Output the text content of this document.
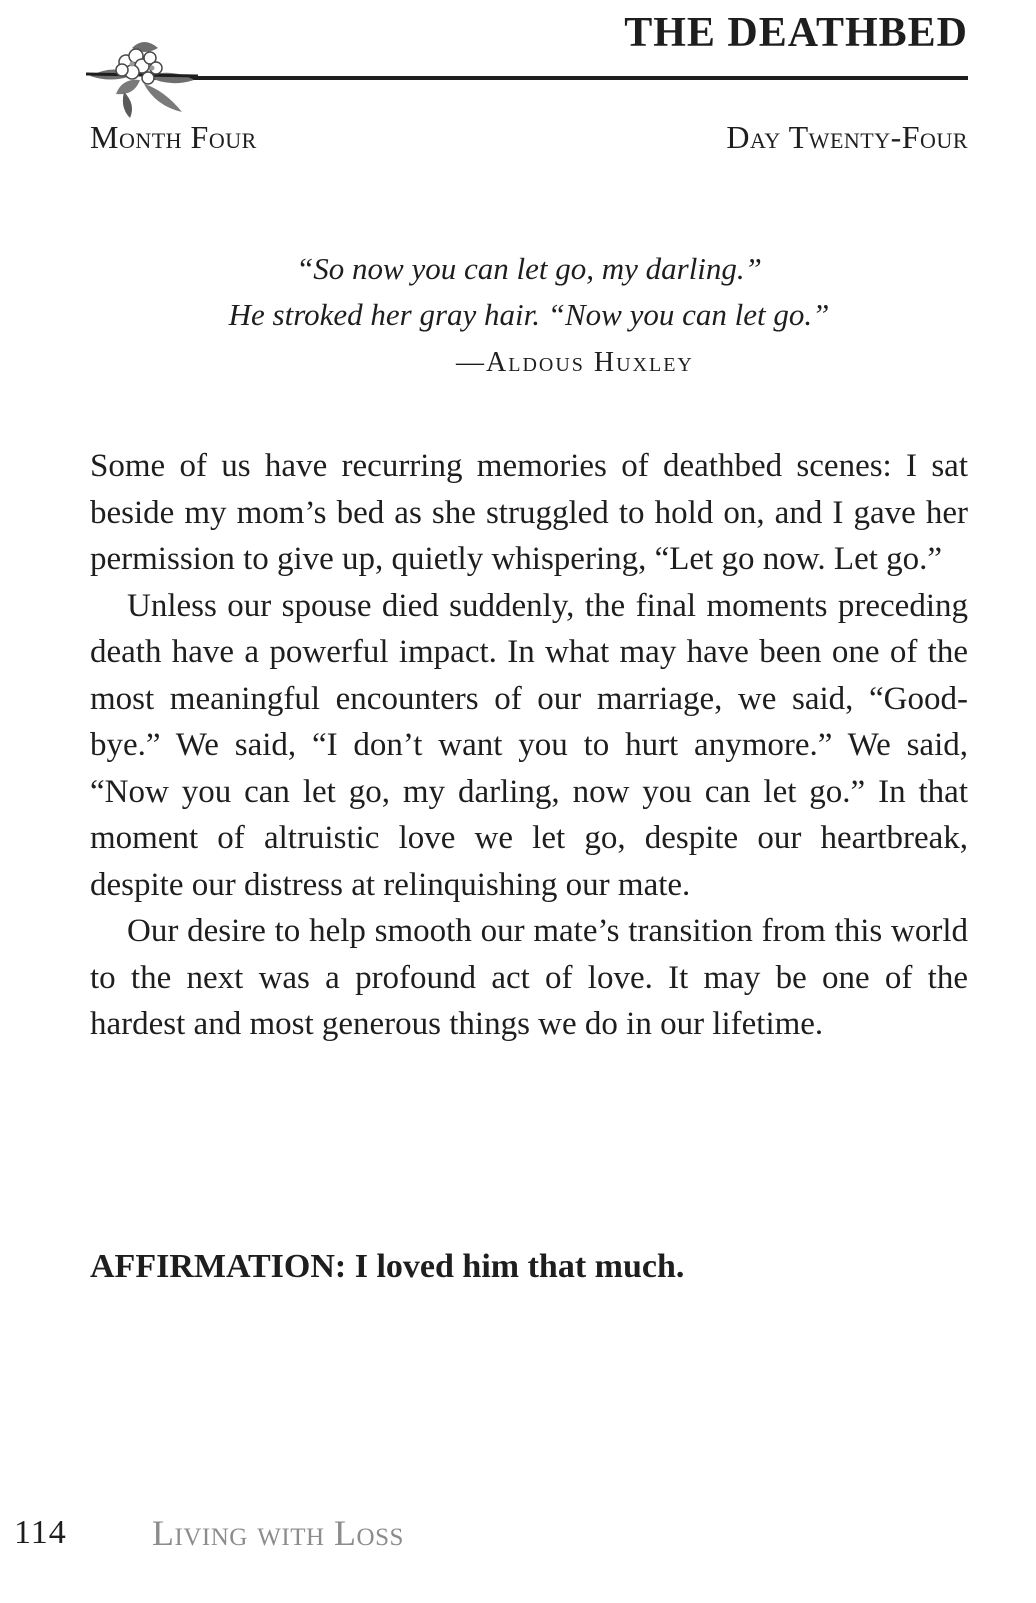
THE DEATHBED
Month Four	Day Twenty-Four
“So now you can let go, my darling.”
He stroked her gray hair. “Now you can let go.”
—Aldous Huxley

Some of us have recurring memories of deathbed scenes: I sat beside my mom’s bed as she struggled to hold on, and I gave her permission to give up, quietly whispering, “Let go now. Let go.”

Unless our spouse died suddenly, the final moments preceding death have a powerful impact. In what may have been one of the most meaningful encounters of our marriage, we said, “Good-bye.” We said, “I don’t want you to hurt anymore.” We said, “Now you can let go, my darling, now you can let go.” In that moment of altruistic love we let go, despite our heartbreak, despite our distress at relinquishing our mate.

Our desire to help smooth our mate’s transition from this world to the next was a profound act of love. It may be one of the hardest and most generous things we do in our lifetime.

AFFIRMATION: I loved him that much.
114 Living with Loss
